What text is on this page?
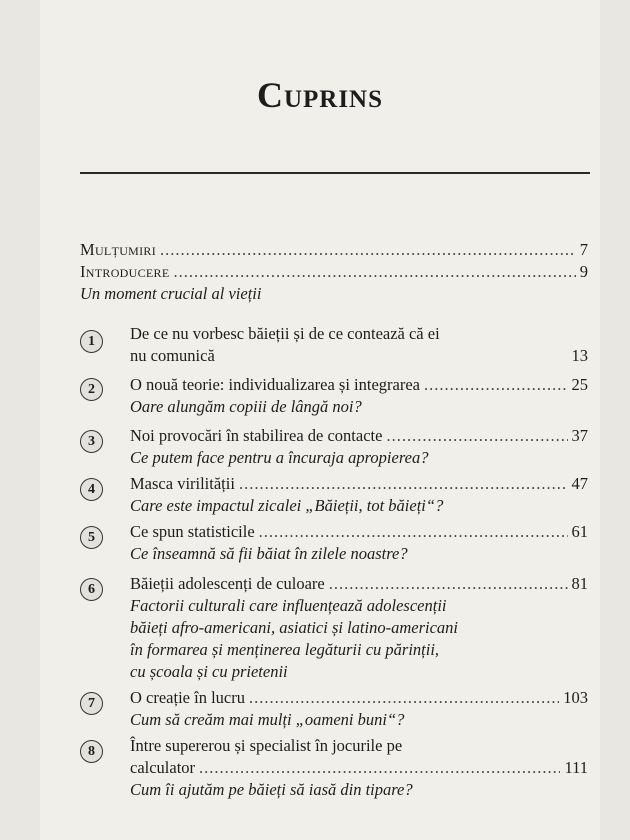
Cuprins
Mulțumiri .....	7
Introducere .....	9
Un moment crucial al vieții
1	De ce nu vorbesc băieții și de ce contează că ei
nu comunică	13
2	O nouă teorie: individualizarea și integrarea .....	25
Oare alungăm copiii de lângă noi?
3	Noi provocări în stabilirea de contacte .....	37
Ce putem face pentru a încuraja apropierea?
4	Masca virilității .....	47
Care este impactul zicalei „Băieții, tot băieți“?
5	Ce spun statisticile .....	61
Ce înseamnă să fii băiat în zilele noastre?
6	Băieții adolescenți de culoare .....	81
Factorii culturali care influențează adolescenții
băieți afro-americani, asiatici și latino-americani
în formarea și menținerea legăturii cu părinții,
cu școala și cu prietenii
7	O creație în lucru .....	103
Cum să creăm mai mulți „oameni buni“?
8	Între supererou și specialist în jocurile pe
calculator .....	111
Cum îi ajutăm pe băieți să iasă din tipare?
